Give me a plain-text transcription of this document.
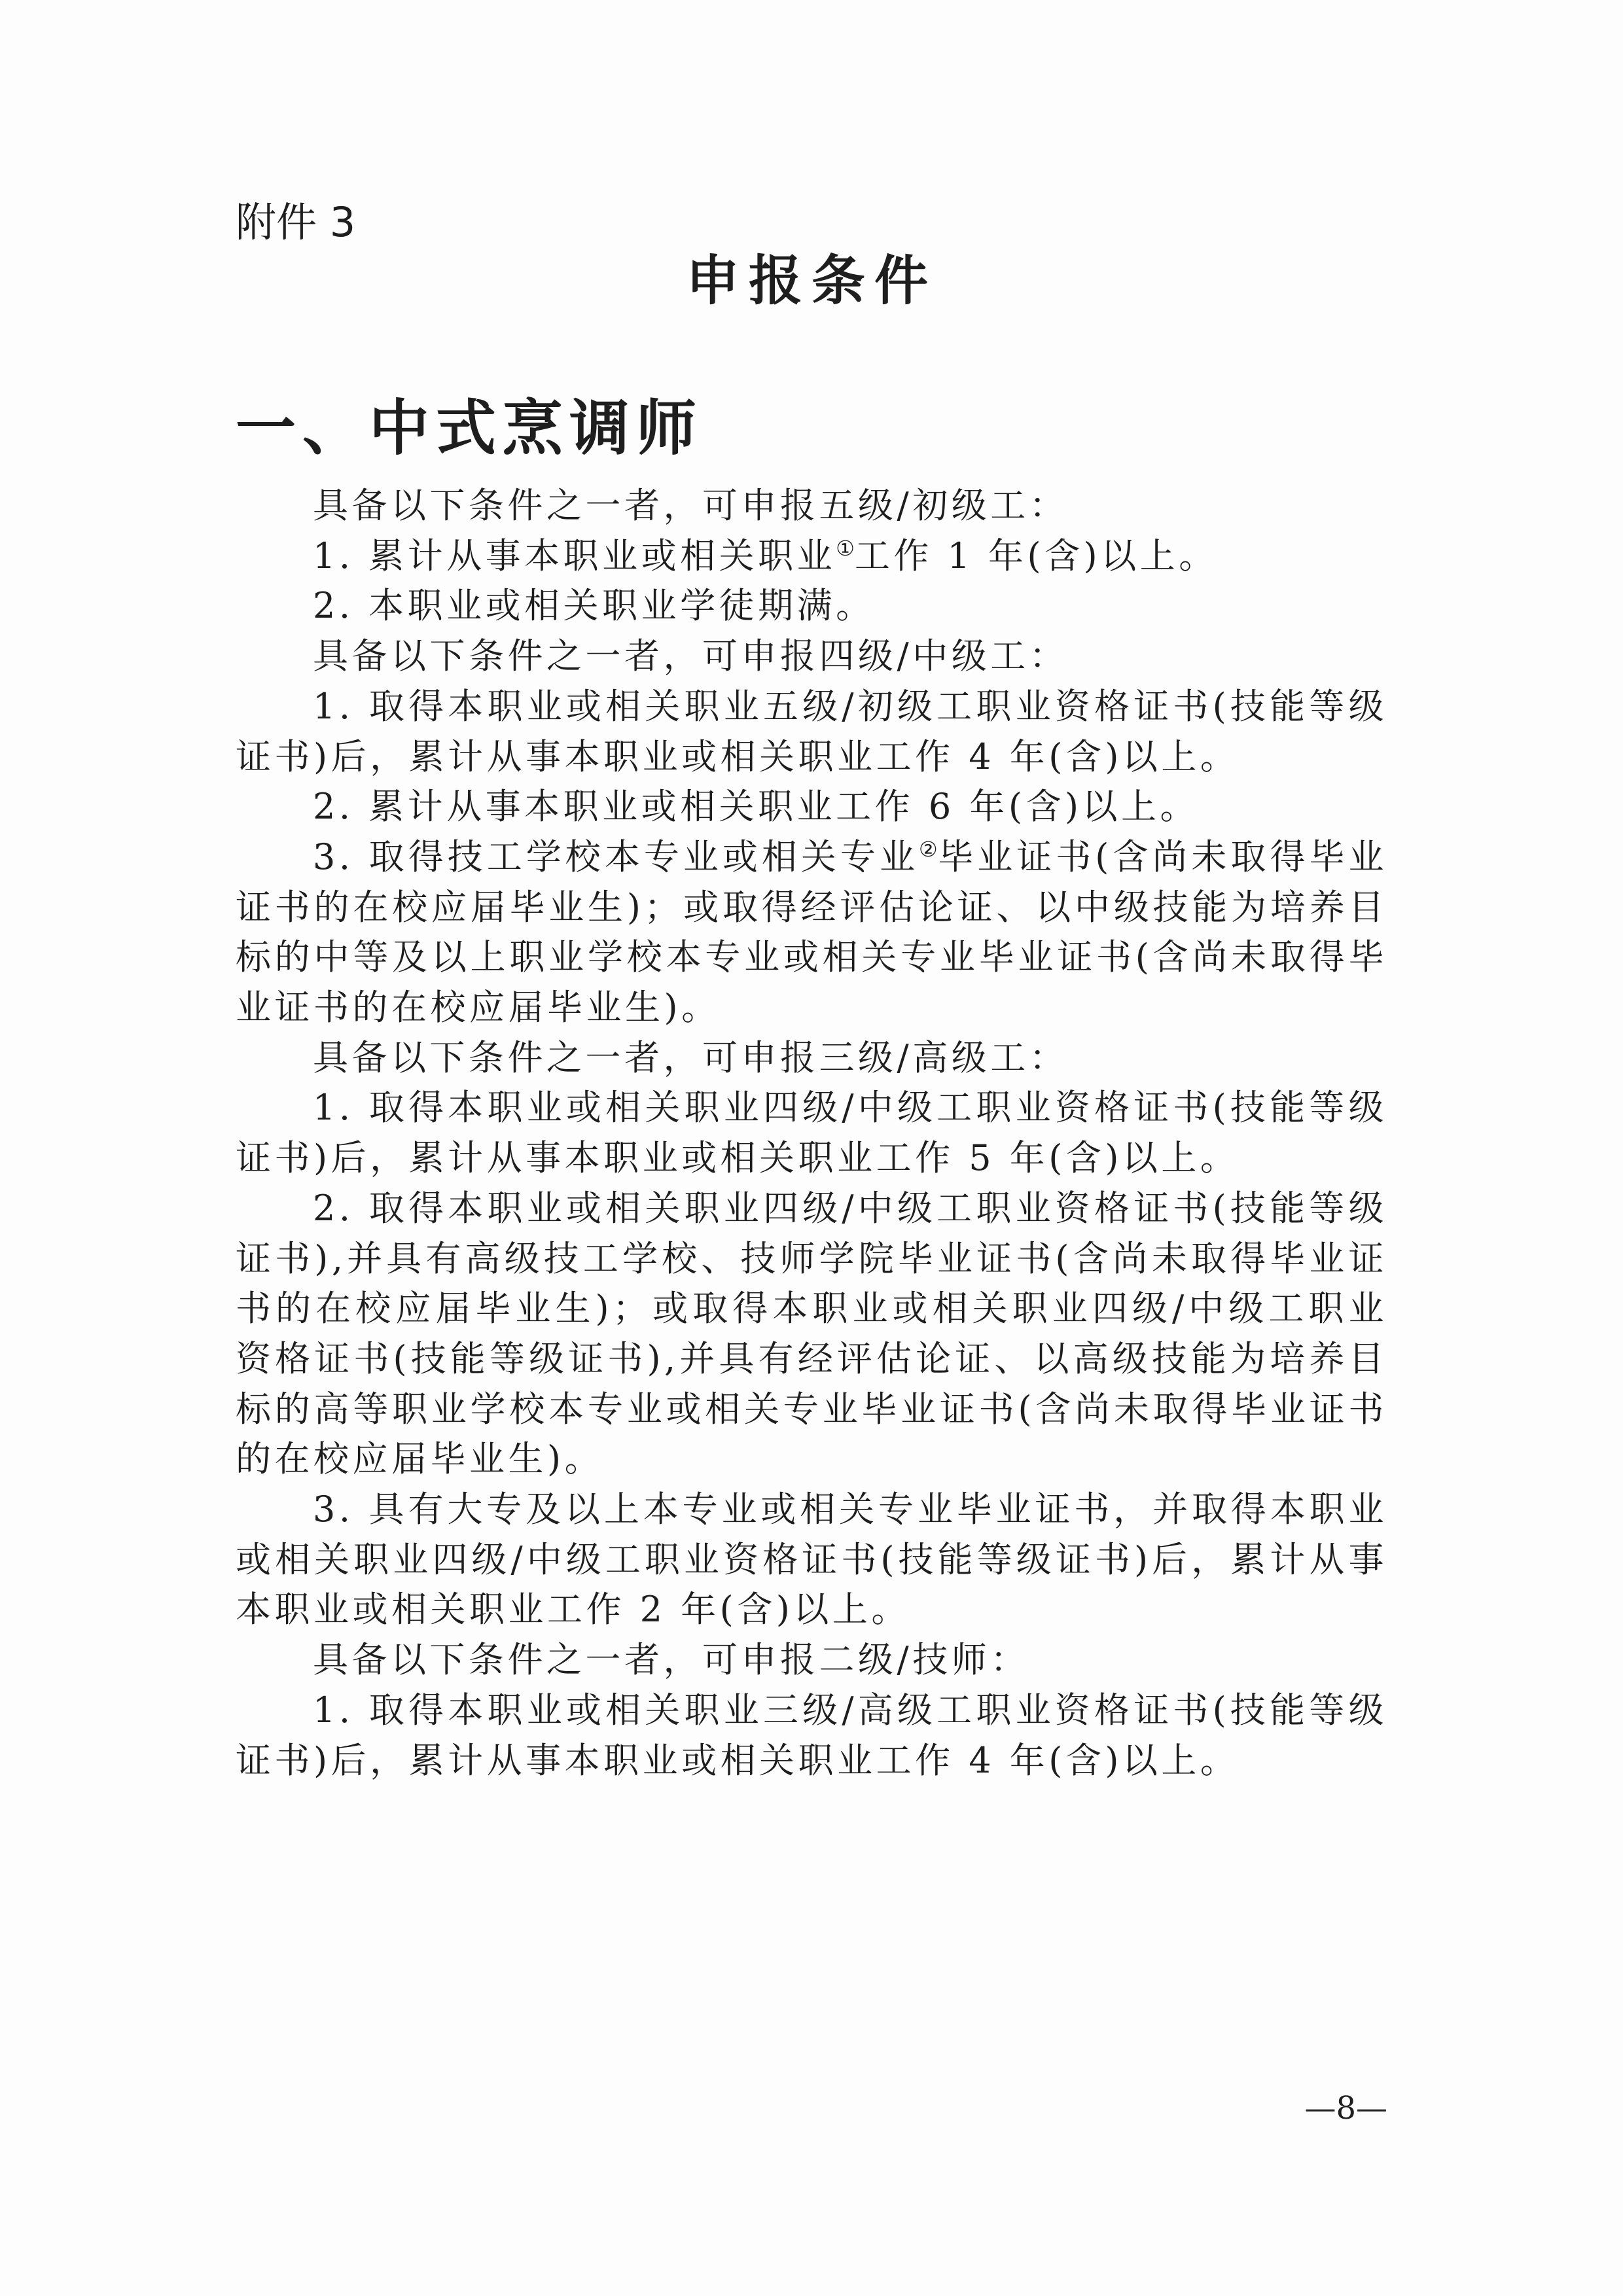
附件 3
申报条件
一、中式烹调师

具备以下条件之一者，可申报五级/初级工：

1. 累计从事本职业或相关职业①工作 1 年(含)以上。

2. 本职业或相关职业学徒期满。

具备以下条件之一者，可申报四级/中级工：

1. 取得本职业或相关职业五级/初级工职业资格证书(技能等级证书)后，累计从事本职业或相关职业工作 4 年(含)以上。

2. 累计从事本职业或相关职业工作 6 年(含)以上。

3. 取得技工学校本专业或相关专业②毕业证书(含尚未取得毕业证书的在校应届毕业生)；或取得经评估论证、以中级技能为培养目标的中等及以上职业学校本专业或相关专业毕业证书(含尚未取得毕业证书的在校应届毕业生)。

具备以下条件之一者，可申报三级/高级工：

1. 取得本职业或相关职业四级/中级工职业资格证书(技能等级证书)后，累计从事本职业或相关职业工作 5 年(含)以上。

2. 取得本职业或相关职业四级/中级工职业资格证书(技能等级证书),并具有高级技工学校、技师学院毕业证书(含尚未取得毕业证书的在校应届毕业生)；或取得本职业或相关职业四级/中级工职业资格证书(技能等级证书),并具有经评估论证、以高级技能为培养目标的高等职业学校本专业或相关专业毕业证书(含尚未取得毕业证书的在校应届毕业生)。

3. 具有大专及以上本专业或相关专业毕业证书，并取得本职业或相关职业四级/中级工职业资格证书(技能等级证书)后，累计从事本职业或相关职业工作 2 年(含)以上。

具备以下条件之一者，可申报二级/技师：

1. 取得本职业或相关职业三级/高级工职业资格证书(技能等级证书)后，累计从事本职业或相关职业工作 4 年(含)以上。

—8—
